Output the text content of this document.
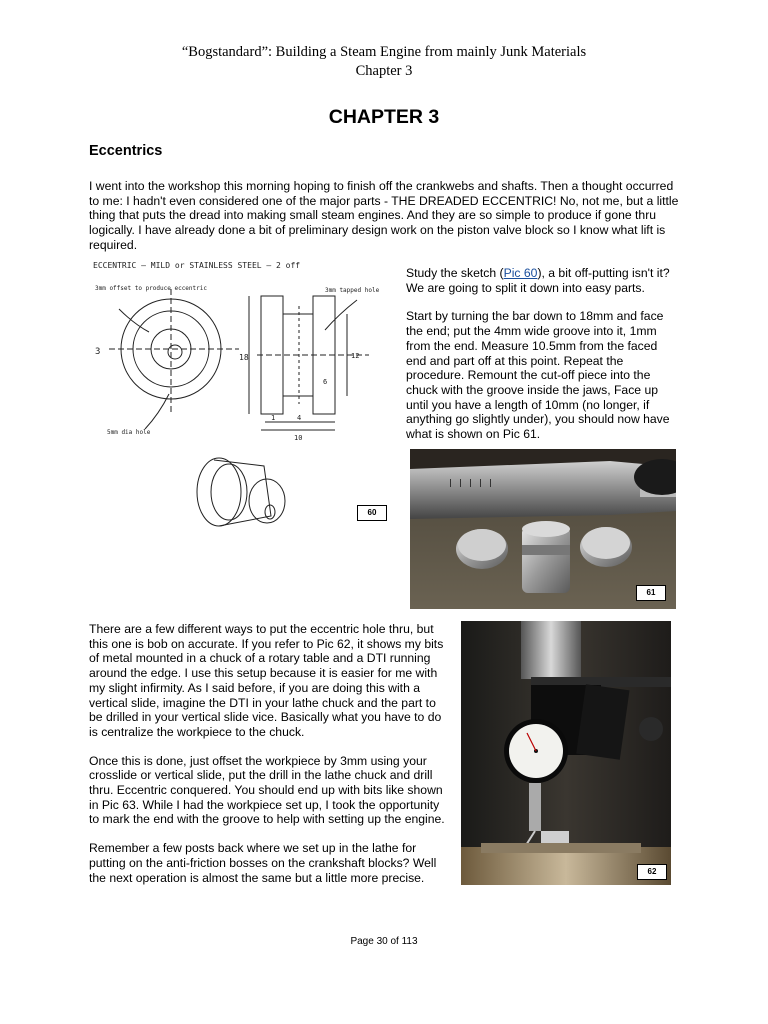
“Bogstandard”: Building a Steam Engine from mainly Junk Materials
Chapter 3
CHAPTER 3
Eccentrics
I went into the workshop this morning hoping to finish off the crankwebs and shafts. Then a thought occurred to me: I hadn't even considered one of the major parts - THE DREADED ECCENTRIC! No, not me, but a little thing that puts the dread into making small steam engines. And they are so simple to produce if gone thru logically. I have already done a bit of preliminary design work on the piston valve block so I know what lift is required.
ECCENTRIC – MILD or STAINLESS STEEL – 2 off
3mm offset to produce eccentric
5mm dia hole
3mm tapped hole
18
3
4
1
10
12
6
60

Study the sketch (Pic 60), a bit off-putting isn't it? We are going to split it down into easy parts.

Start by turning the bar down to 18mm and face the end; put the 4mm wide groove into it, 1mm from the end. Measure 10.5mm from the faced end and part off at this point. Repeat the procedure. Remount the cut-off piece into the chuck with the groove inside the jaws, Face up until you have a length of 10mm (no longer, if anything go slightly under), you should now have what is shown on Pic 61.

61

There are a few different ways to put the eccentric hole thru, but this one is bob on accurate. If you refer to Pic 62, it shows my bits of metal mounted in a chuck of a rotary table and a DTI running around the edge. I use this setup because it is easier for me with my slight infirmity. As I said before, if you are doing this with a vertical slide, imagine the DTI in your lathe chuck and the part to be drilled in your vertical slide vice. Basically what you have to do is centralize the workpiece to the chuck.

Once this is done, just offset the workpiece by 3mm using your crosslide or vertical slide, put the drill in the lathe chuck and drill thru. Eccentric conquered. You should end up with bits like shown in Pic 63. While I had the workpiece set up, I took the opportunity to mark the end with the groove to help with setting up the engine.

Remember a few posts back where we set up in the lathe for putting on the anti-friction bosses on the crankshaft blocks? Well the next operation is almost the same but a little more precise.	62
Page 30 of 113
